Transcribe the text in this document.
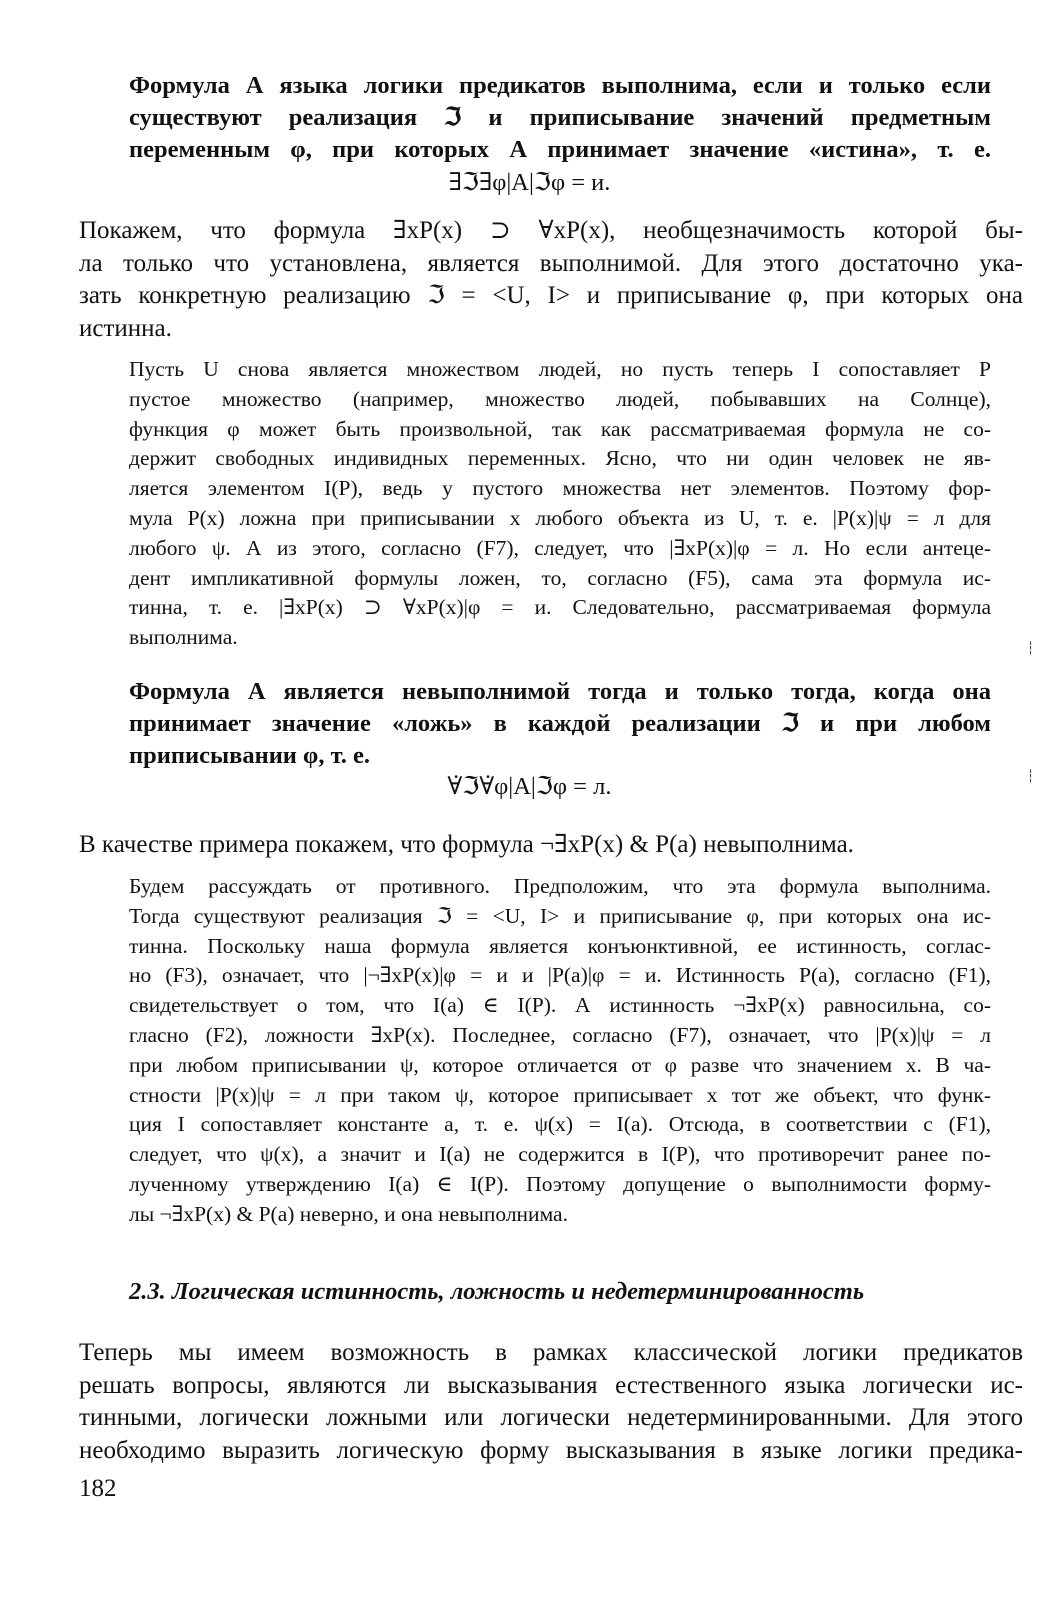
Формула А языка логики предикатов выполнима, если и только если
существуют реализация ℑ и приписывание значений предметным
переменным φ, при которых А принимает значение «истина», т. е.
∃ℑ∃φ|A|ℑφ = и.
Покажем, что формула ∃xP(x) ⊃ ∀xP(x), необщезначимость которой бы-
ла только что установлена, является выполнимой. Для этого достаточно ука-
зать конкретную реализацию ℑ = <U, I> и приписывание φ, при которых она
истинна.
Пусть U снова является множеством людей, но пусть теперь I сопоставляет P
пустое множество (например, множество людей, побывавших на Солнце),
функция φ может быть произвольной, так как рассматриваемая формула не со-
держит свободных индивидных переменных. Ясно, что ни один человек не яв-
ляется элементом I(P), ведь у пустого множества нет элементов. Поэтому фор-
мула P(x) ложна при приписывании x любого объекта из U, т. е. |P(x)|ψ = л для
любого ψ. А из этого, согласно (F7), следует, что |∃xP(x)|φ = л. Но если антеце-
дент импликативной формулы ложен, то, согласно (F5), сама эта формула ис-
тинна, т. е. |∃xP(x) ⊃ ∀xP(x)|φ = и. Следовательно, рассматриваемая формула
выполнима.
Формула А является невыполнимой тогда и только тогда, когда она
принимает значение «ложь» в каждой реализации ℑ и при любом
приписывании φ, т. е.
∀̇ℑ∀̇φ|A|ℑφ = л.
В качестве примера покажем, что формула ¬∃xP(x) & P(a) невыполнима.
Будем рассуждать от противного. Предположим, что эта формула выполнима.
Тогда существуют реализация ℑ = <U, I> и приписывание φ, при которых она ис-
тинна. Поскольку наша формула является конъюнктивной, ее истинность, соглас-
но (F3), означает, что |¬∃xP(x)|φ = и и |P(a)|φ = и. Истинность P(a), согласно (F1),
свидетельствует о том, что I(a) ∈ I(P). А истинность ¬∃xP(x) равносильна, со-
гласно (F2), ложности ∃xP(x). Последнее, согласно (F7), означает, что |P(x)|ψ = л
при любом приписывании ψ, которое отличается от φ разве что значением x. В ча-
стности |P(x)|ψ = л при таком ψ, которое приписывает x тот же объект, что функ-
ция I сопоставляет константе a, т. е. ψ(x) = I(a). Отсюда, в соответствии с (F1),
следует, что ψ(x), а значит и I(a) не содержится в I(P), что противоречит ранее по-
лученному утверждению I(a) ∈ I(P). Поэтому допущение о выполнимости форму-
лы ¬∃xP(x) & P(a) неверно, и она невыполнима.
2.3. Логическая истинность, ложность и недетерминированность
Теперь мы имеем возможность в рамках классической логики предикатов
решать вопросы, являются ли высказывания естественного языка логически ис-
тинными, логически ложными или логически недетерминированными. Для этого
необходимо выразить логическую форму высказывания в языке логики предика-
182
┆
┆
